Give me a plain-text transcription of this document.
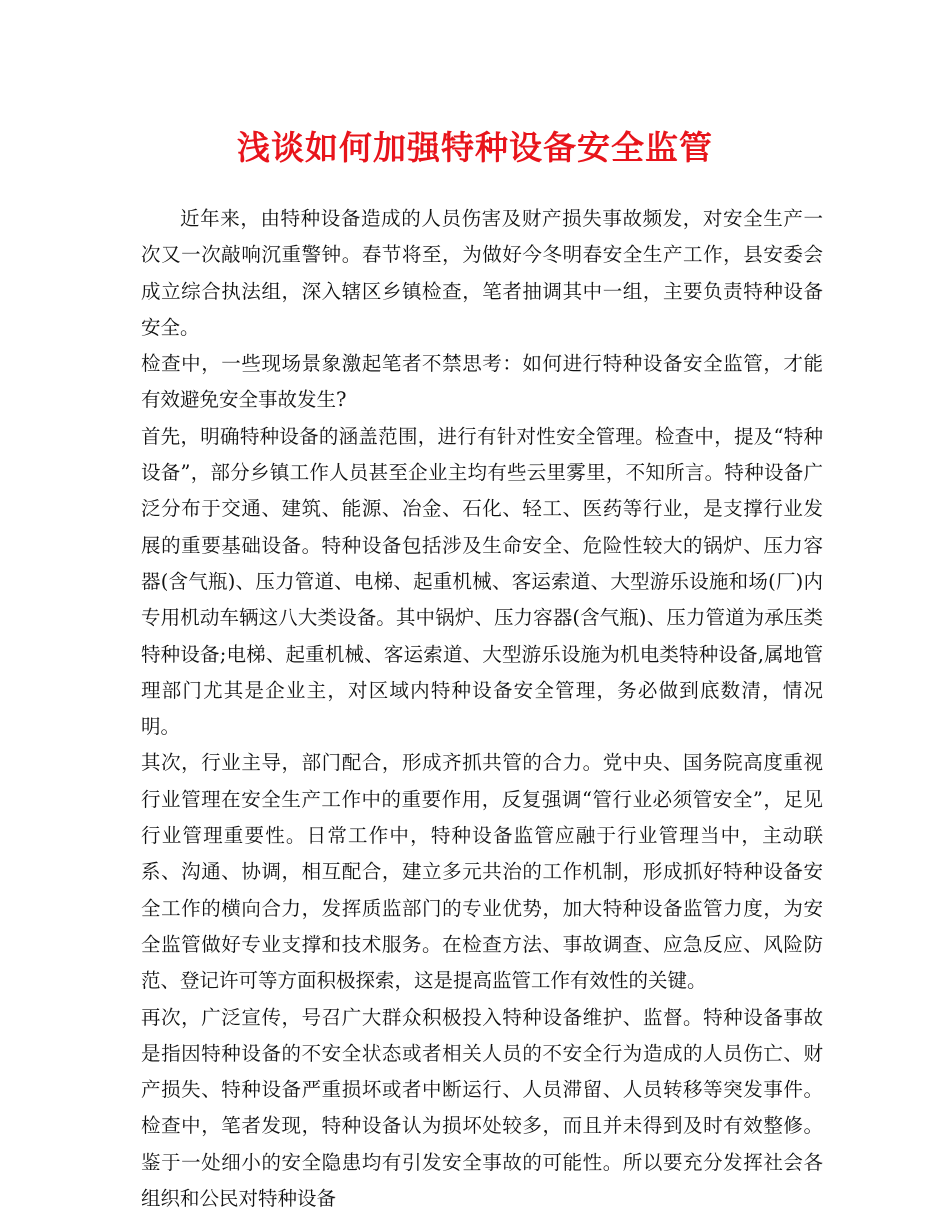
浅谈如何加强特种设备安全监管

近年来，由特种设备造成的人员伤害及财产损失事故频发，对安全生产一次又一次敲响沉重警钟。春节将至，为做好今冬明春安全生产工作，县安委会成立综合执法组，深入辖区乡镇检查，笔者抽调其中一组，主要负责特种设备安全。

检查中，一些现场景象激起笔者不禁思考：如何进行特种设备安全监管，才能有效避免安全事故发生?

首先，明确特种设备的涵盖范围，进行有针对性安全管理。检查中，提及“特种设备”，部分乡镇工作人员甚至企业主均有些云里雾里，不知所言。特种设备广泛分布于交通、建筑、能源、冶金、石化、轻工、医药等行业，是支撑行业发展的重要基础设备。特种设备包括涉及生命安全、危险性较大的锅炉、压力容器(含气瓶)、压力管道、电梯、起重机械、客运索道、大型游乐设施和场(厂)内专用机动车辆这八大类设备。其中锅炉、压力容器(含气瓶)、压力管道为承压类特种设备;电梯、起重机械、客运索道、大型游乐设施为机电类特种设备,属地管理部门尤其是企业主，对区域内特种设备安全管理，务必做到底数清，情况明。

其次，行业主导，部门配合，形成齐抓共管的合力。党中央、国务院高度重视行业管理在安全生产工作中的重要作用，反复强调“管行业必须管安全”，足见行业管理重要性。日常工作中，特种设备监管应融于行业管理当中，主动联系、沟通、协调，相互配合，建立多元共治的工作机制，形成抓好特种设备安全工作的横向合力，发挥质监部门的专业优势，加大特种设备监管力度，为安全监管做好专业支撑和技术服务。在检查方法、事故调查、应急反应、风险防范、登记许可等方面积极探索，这是提高监管工作有效性的关键。

再次，广泛宣传，号召广大群众积极投入特种设备维护、监督。特种设备事故是指因特种设备的不安全状态或者相关人员的不安全行为造成的人员伤亡、财产损失、特种设备严重损坏或者中断运行、人员滞留、人员转移等突发事件。检查中，笔者发现，特种设备认为损坏处较多，而且并未得到及时有效整修。鉴于一处细小的安全隐患均有引发安全事故的可能性。所以要充分发挥社会各组织和公民对特种设备
